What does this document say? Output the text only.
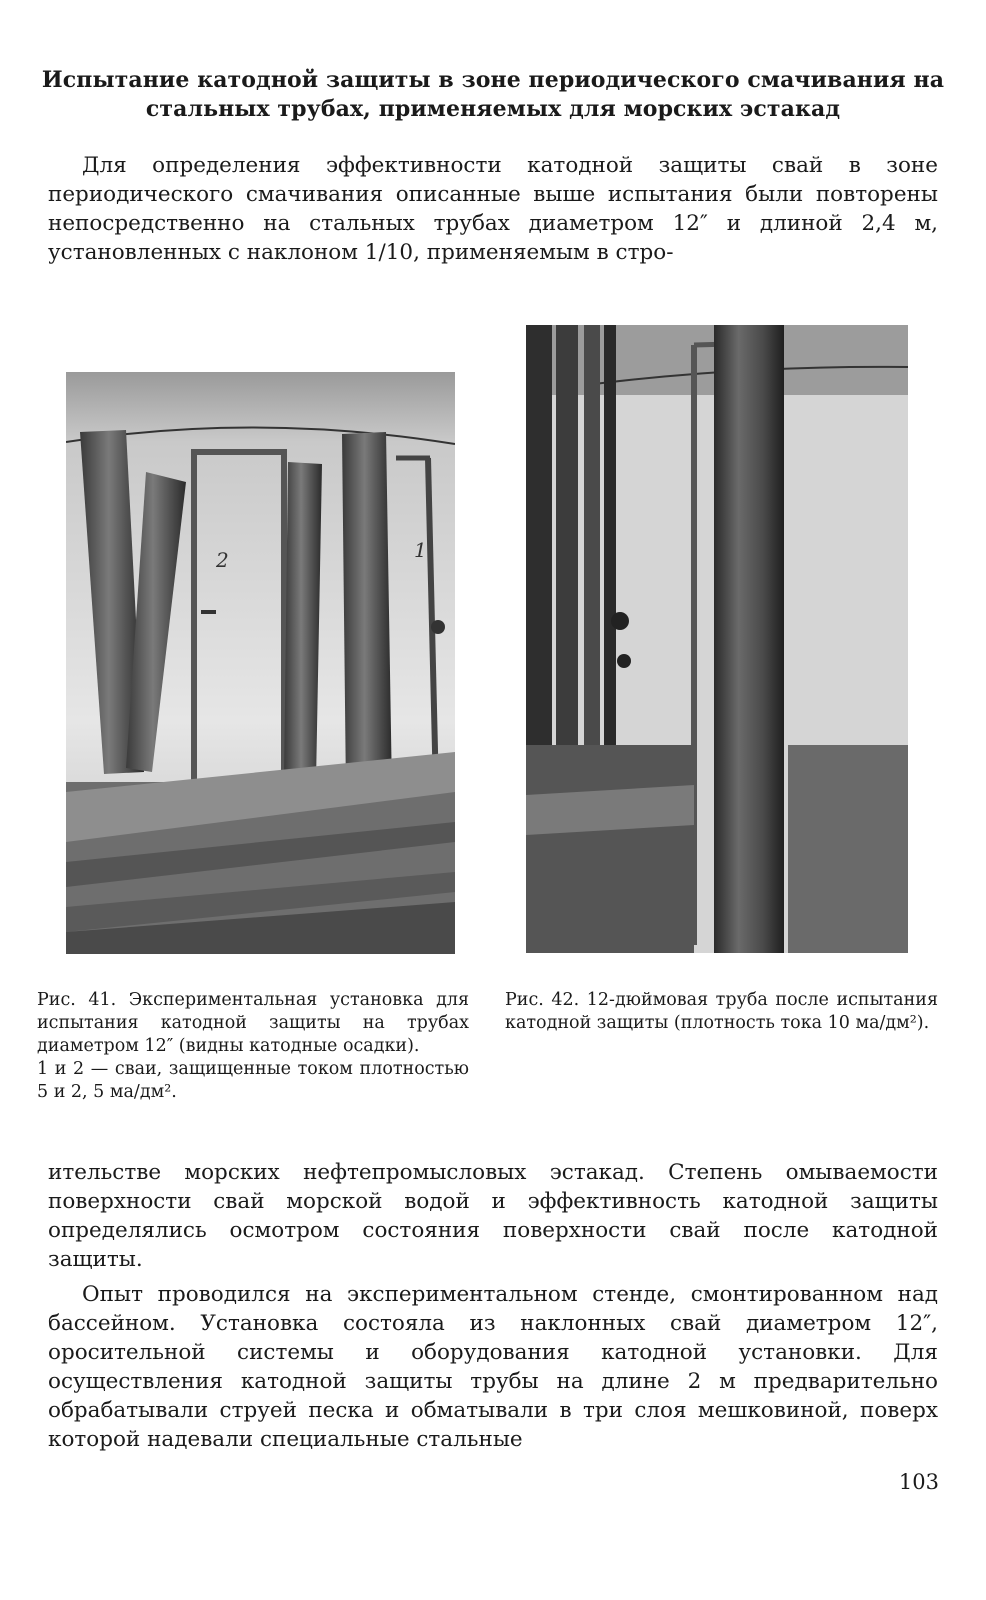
Испытание катодной защиты в зоне периодического смачивания на стальных трубах, применяемых для морских эстакад
Для определения эффективности катодной защиты свай в зоне периодического смачивания описанные выше испытания были повторены непосредственно на стальных трубах диаметром 12″ и длиной 2,4 м, установленных с наклоном 1/10, применяемым в стро-
2	1
Рис. 41. Экспериментальная установка для испытания катодной защиты на трубах диаметром 12″ (видны катодные осадки).
1 и 2 — сваи, защищенные током плотностью 5 и 2, 5 ма/дм².
Рис. 42. 12-дюймовая труба после испытания катодной защиты (плотность тока 10 ма/дм²).
ительстве морских нефтепромысловых эстакад. Степень омываемости поверхности свай морской водой и эффективность катодной защиты определялись осмотром состояния поверхности свай после катодной защиты.
Опыт проводился на экспериментальном стенде, смонтированном над бассейном. Установка состояла из наклонных свай диаметром 12″, оросительной системы и оборудования катодной установки. Для осуществления катодной защиты трубы на длине 2 м предварительно обрабатывали струей песка и обматывали в три слоя мешковиной, поверх которой надевали специальные стальные
103
